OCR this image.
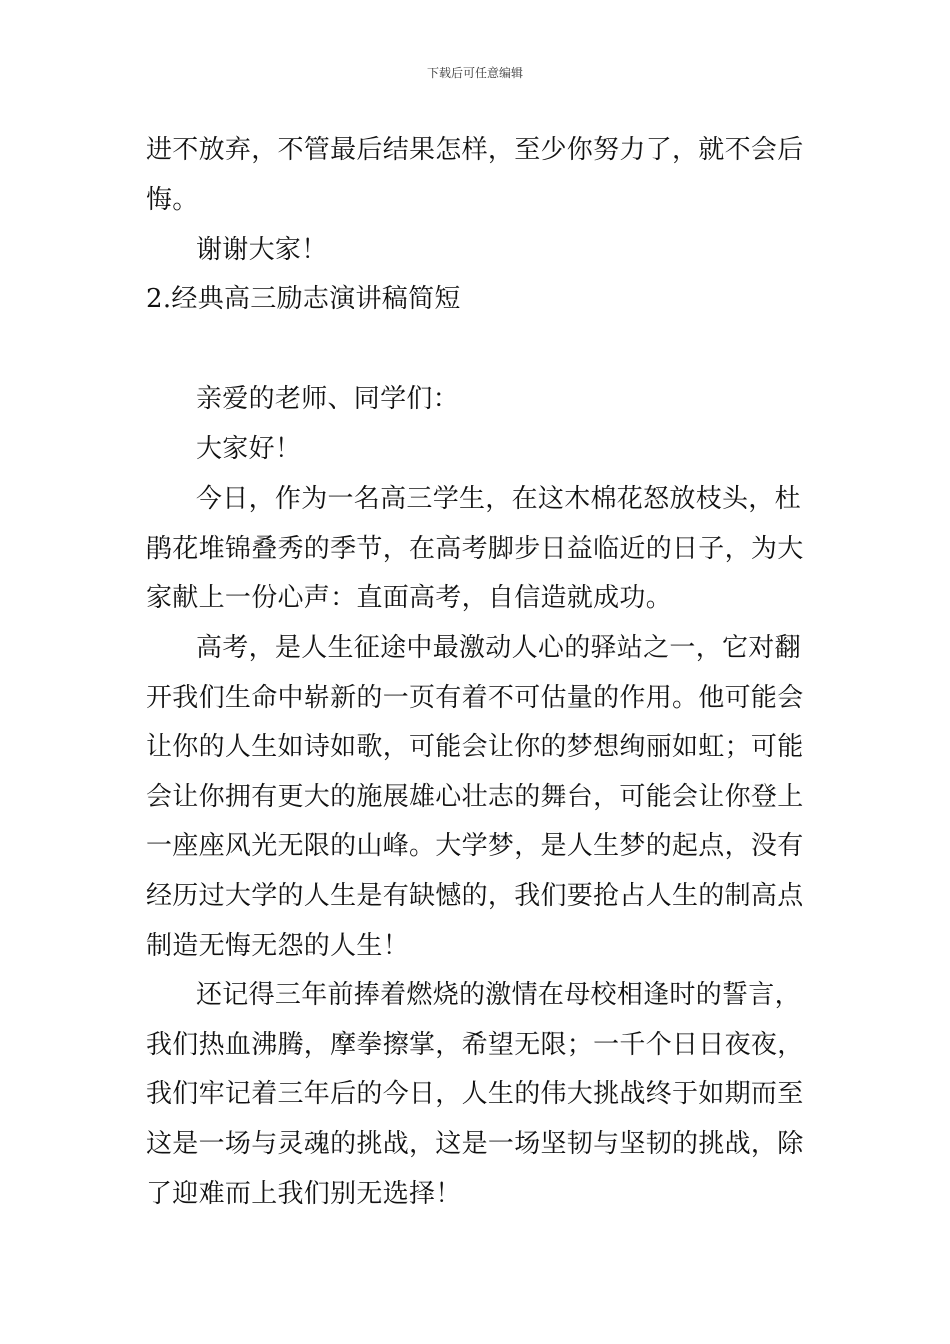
下载后可任意编辑
进不放弃，不管最后结果怎样，至少你努力了，就不会后
悔。
谢谢大家！
2.经典高三励志演讲稿简短
亲爱的老师、同学们：
大家好！
今日，作为一名高三学生，在这木棉花怒放枝头，杜
鹃花堆锦叠秀的季节，在高考脚步日益临近的日子，为大
家献上一份心声：直面高考，自信造就成功。
高考，是人生征途中最激动人心的驿站之一，它对翻
开我们生命中崭新的一页有着不可估量的作用。他可能会
让你的人生如诗如歌，可能会让你的梦想绚丽如虹；可能
会让你拥有更大的施展雄心壮志的舞台，可能会让你登上
一座座风光无限的山峰。大学梦，是人生梦的起点，没有
经历过大学的人生是有缺憾的，我们要抢占人生的制高点
制造无悔无怨的人生！
还记得三年前捧着燃烧的激情在母校相逢时的誓言，
我们热血沸腾，摩拳擦掌，希望无限；一千个日日夜夜，
我们牢记着三年后的今日，人生的伟大挑战终于如期而至
这是一场与灵魂的挑战，这是一场坚韧与坚韧的挑战，除
了迎难而上我们别无选择！
